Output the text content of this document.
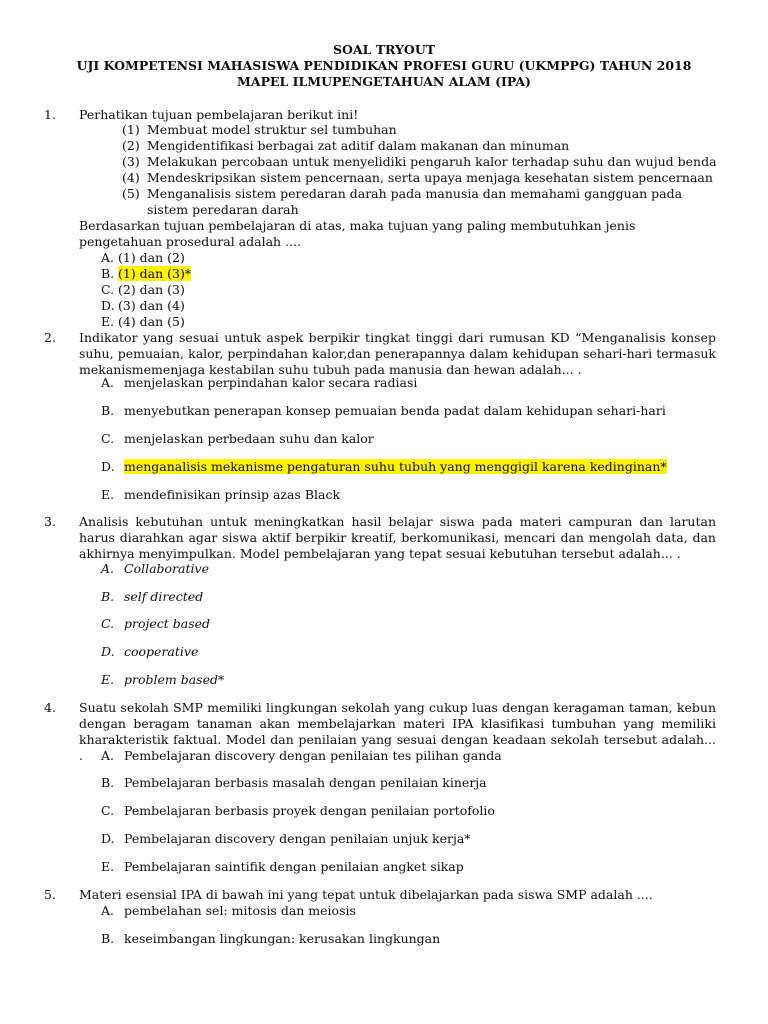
SOAL TRYOUT
UJI KOMPETENSI MAHASISWA PENDIDIKAN PROFESI GURU (UKMPPG) TAHUN 2018
MAPEL ILMUPENGETAHUAN ALAM (IPA)
1.	Perhatikan tujuan pembelajaran berikut ini!
(1) Membuat model struktur sel tumbuhan
(2) Mengidentifikasi berbagai zat aditif dalam makanan dan minuman
(3) Melakukan percobaan untuk menyelidiki pengaruh kalor terhadap suhu dan wujud benda
(4) Mendeskripsikan sistem pencernaan, serta upaya menjaga kesehatan sistem pencernaan
(5) Menganalisis sistem peredaran darah pada manusia dan memahami gangguan pada sistem peredaran darah
Berdasarkan tujuan pembelajaran di atas, maka tujuan yang paling membutuhkan jenis pengetahuan prosedural adalah ....
A. (1) dan (2)
B. (1) dan (3)*
C. (2) dan (3)
D. (3) dan (4)
E. (4) dan (5)
2.	Indikator yang sesuai untuk aspek berpikir tingkat tinggi dari rumusan KD “Menganalisis konsep suhu, pemuaian, kalor, perpindahan kalor,dan penerapannya dalam kehidupan sehari-hari termasuk mekanismemenjaga kestabilan suhu tubuh pada manusia dan hewan adalah... .
A. menjelaskan perpindahan kalor secara radiasi
B. menyebutkan penerapan konsep pemuaian benda padat dalam kehidupan sehari-hari
C. menjelaskan perbedaan suhu dan kalor
D. menganalisis mekanisme pengaturan suhu tubuh yang menggigil karena kedinginan*
E. mendefinisikan prinsip azas Black
3.	Analisis kebutuhan untuk meningkatkan hasil belajar siswa pada materi campuran dan larutan harus diarahkan agar siswa aktif berpikir kreatif, berkomunikasi, mencari dan mengolah data, dan akhirnya menyimpulkan. Model pembelajaran yang tepat sesuai kebutuhan tersebut adalah... .
A. Collaborative
B. self directed
C. project based
D. cooperative
E. problem based*
4.	Suatu sekolah SMP memiliki lingkungan sekolah yang cukup luas dengan keragaman taman, kebun dengan beragam tanaman akan membelajarkan materi IPA klasifikasi tumbuhan yang memiliki kharakteristik faktual. Model dan penilaian yang sesuai dengan keadaan sekolah tersebut adalah... .	A. Pembelajaran discovery dengan penilaian tes pilihan ganda
B. Pembelajaran berbasis masalah dengan penilaian kinerja
C. Pembelajaran berbasis proyek dengan penilaian portofolio
D. Pembelajaran discovery dengan penilaian unjuk kerja*
E. Pembelajaran saintifik dengan penilaian angket sikap
5.	Materi esensial IPA di bawah ini yang tepat untuk dibelajarkan pada siswa SMP adalah ....
A. pembelahan sel: mitosis dan meiosis
B. keseimbangan lingkungan: kerusakan lingkungan
